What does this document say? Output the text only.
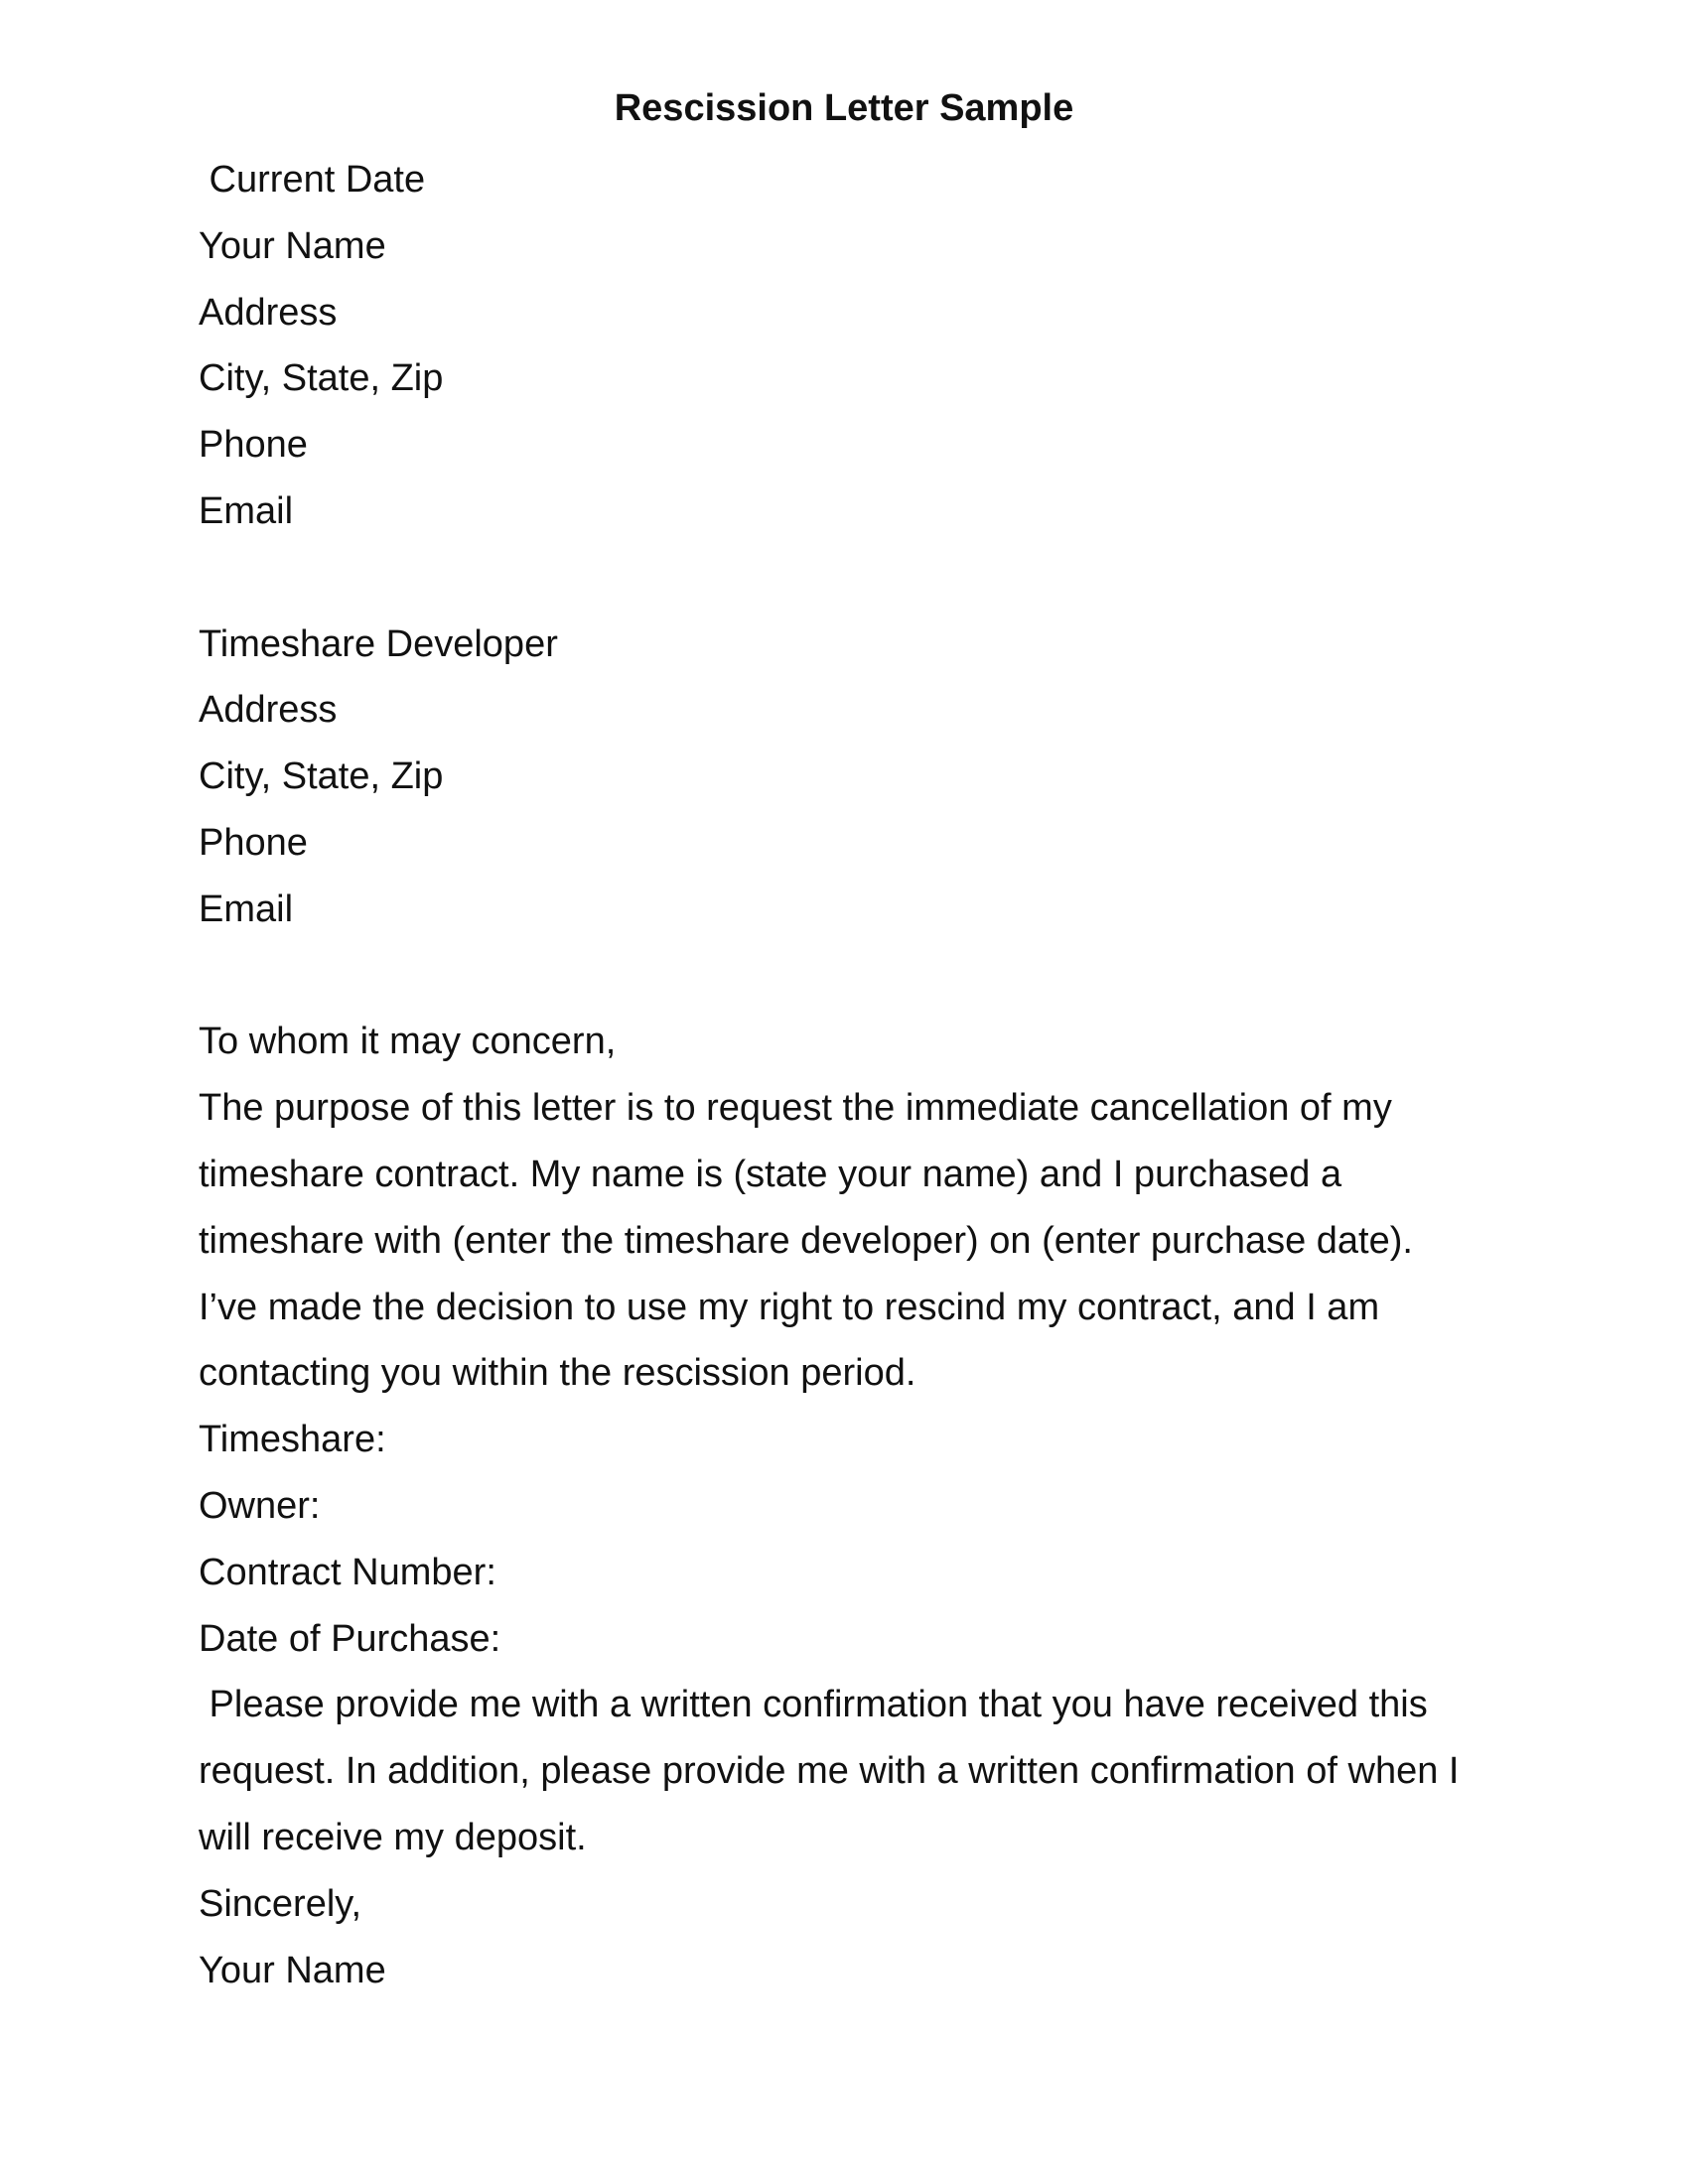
Rescission Letter Sample
Current Date
Your Name
Address
City, State, Zip
Phone
Email
Timeshare Developer
Address
City, State, Zip
Phone
Email
To whom it may concern,
The purpose of this letter is to request the immediate cancellation of my
timeshare contract. My name is (state your name) and I purchased a
timeshare with (enter the timeshare developer) on (enter purchase date).
I’ve made the decision to use my right to rescind my contract, and I am
contacting you within the rescission period.
Timeshare:
Owner:
Contract Number:
Date of Purchase:
Please provide me with a written confirmation that you have received this
request. In addition, please provide me with a written confirmation of when I
will receive my deposit.
Sincerely,
Your Name
